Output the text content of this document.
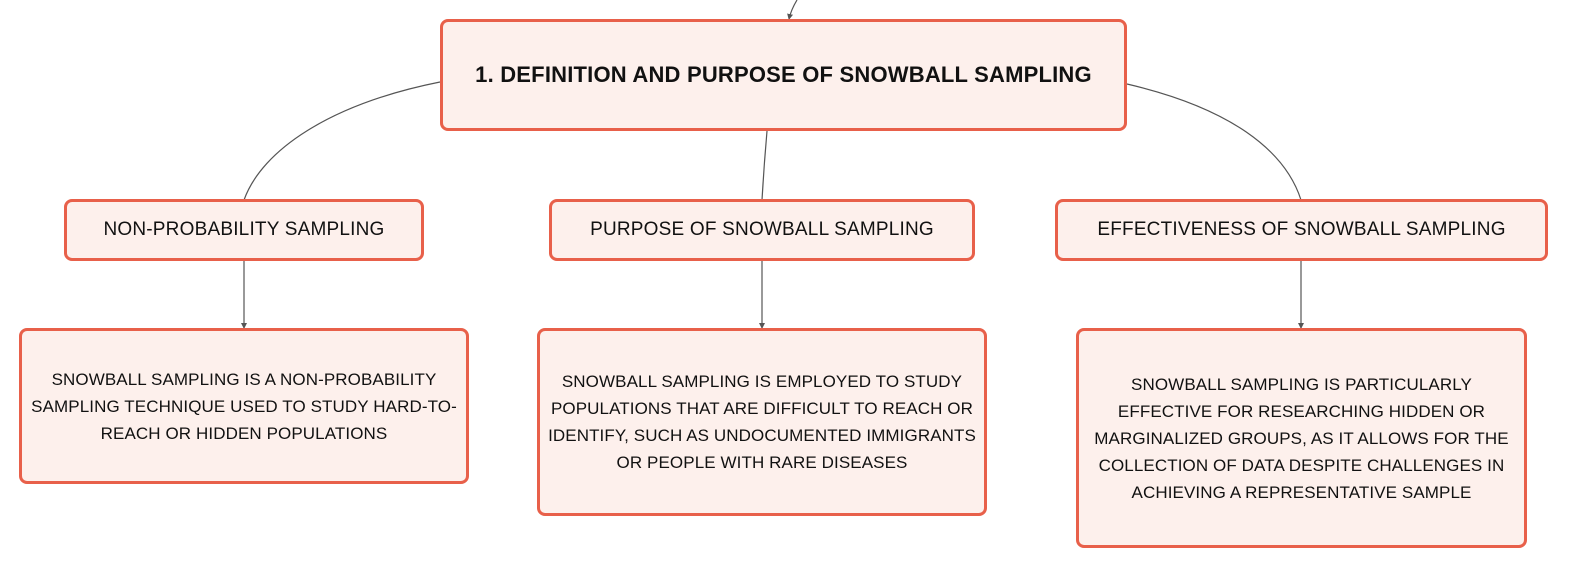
1. DEFINITION AND PURPOSE OF SNOWBALL SAMPLING
NON-PROBABILITY SAMPLING	PURPOSE OF SNOWBALL SAMPLING	EFFECTIVENESS OF SNOWBALL SAMPLING
SNOWBALL SAMPLING IS A NON-PROBABILITY SAMPLING TECHNIQUE USED TO STUDY HARD-TO-REACH OR HIDDEN POPULATIONS
SNOWBALL SAMPLING IS EMPLOYED TO STUDY POPULATIONS THAT ARE DIFFICULT TO REACH OR IDENTIFY, SUCH AS UNDOCUMENTED IMMIGRANTS OR PEOPLE WITH RARE DISEASES
SNOWBALL SAMPLING IS PARTICULARLY EFFECTIVE FOR RESEARCHING HIDDEN OR MARGINALIZED GROUPS, AS IT ALLOWS FOR THE COLLECTION OF DATA DESPITE CHALLENGES IN ACHIEVING A REPRESENTATIVE SAMPLE
